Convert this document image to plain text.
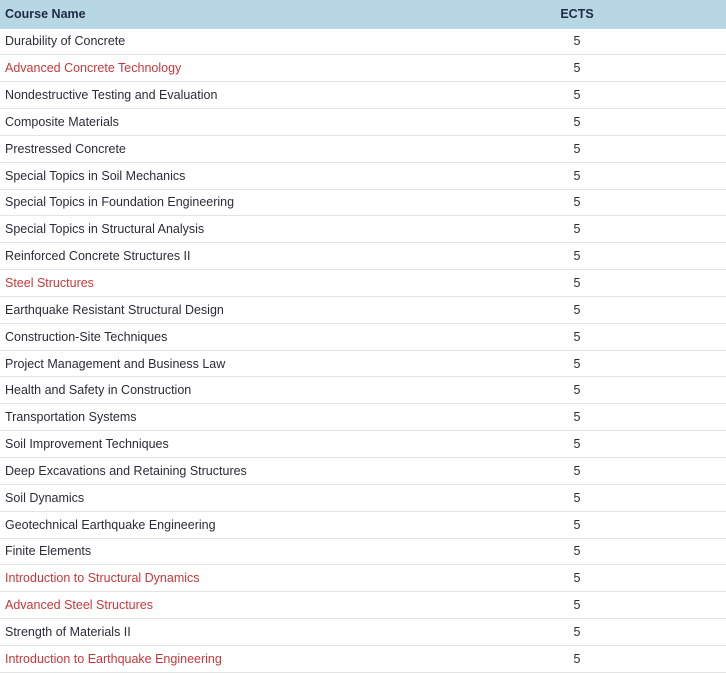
Course Name	ECTS
Durability of Concrete	5
Advanced Concrete Technology	5
Nondestructive Testing and Evaluation	5
Composite Materials	5
Prestressed Concrete	5
Special Topics in Soil Mechanics	5
Special Topics in Foundation Engineering	5
Special Topics in Structural Analysis	5
Reinforced Concrete Structures II	5
Steel Structures	5
Earthquake Resistant Structural Design	5
Construction-Site Techniques	5
Project Management and Business Law	5
Health and Safety in Construction	5
Transportation Systems	5
Soil Improvement Techniques	5
Deep Excavations and Retaining Structures	5
Soil Dynamics	5
Geotechnical Earthquake Engineering	5
Finite Elements	5
Introduction to Structural Dynamics	5
Advanced Steel Structures	5
Strength of Materials II	5
Introduction to Earthquake Engineering	5
